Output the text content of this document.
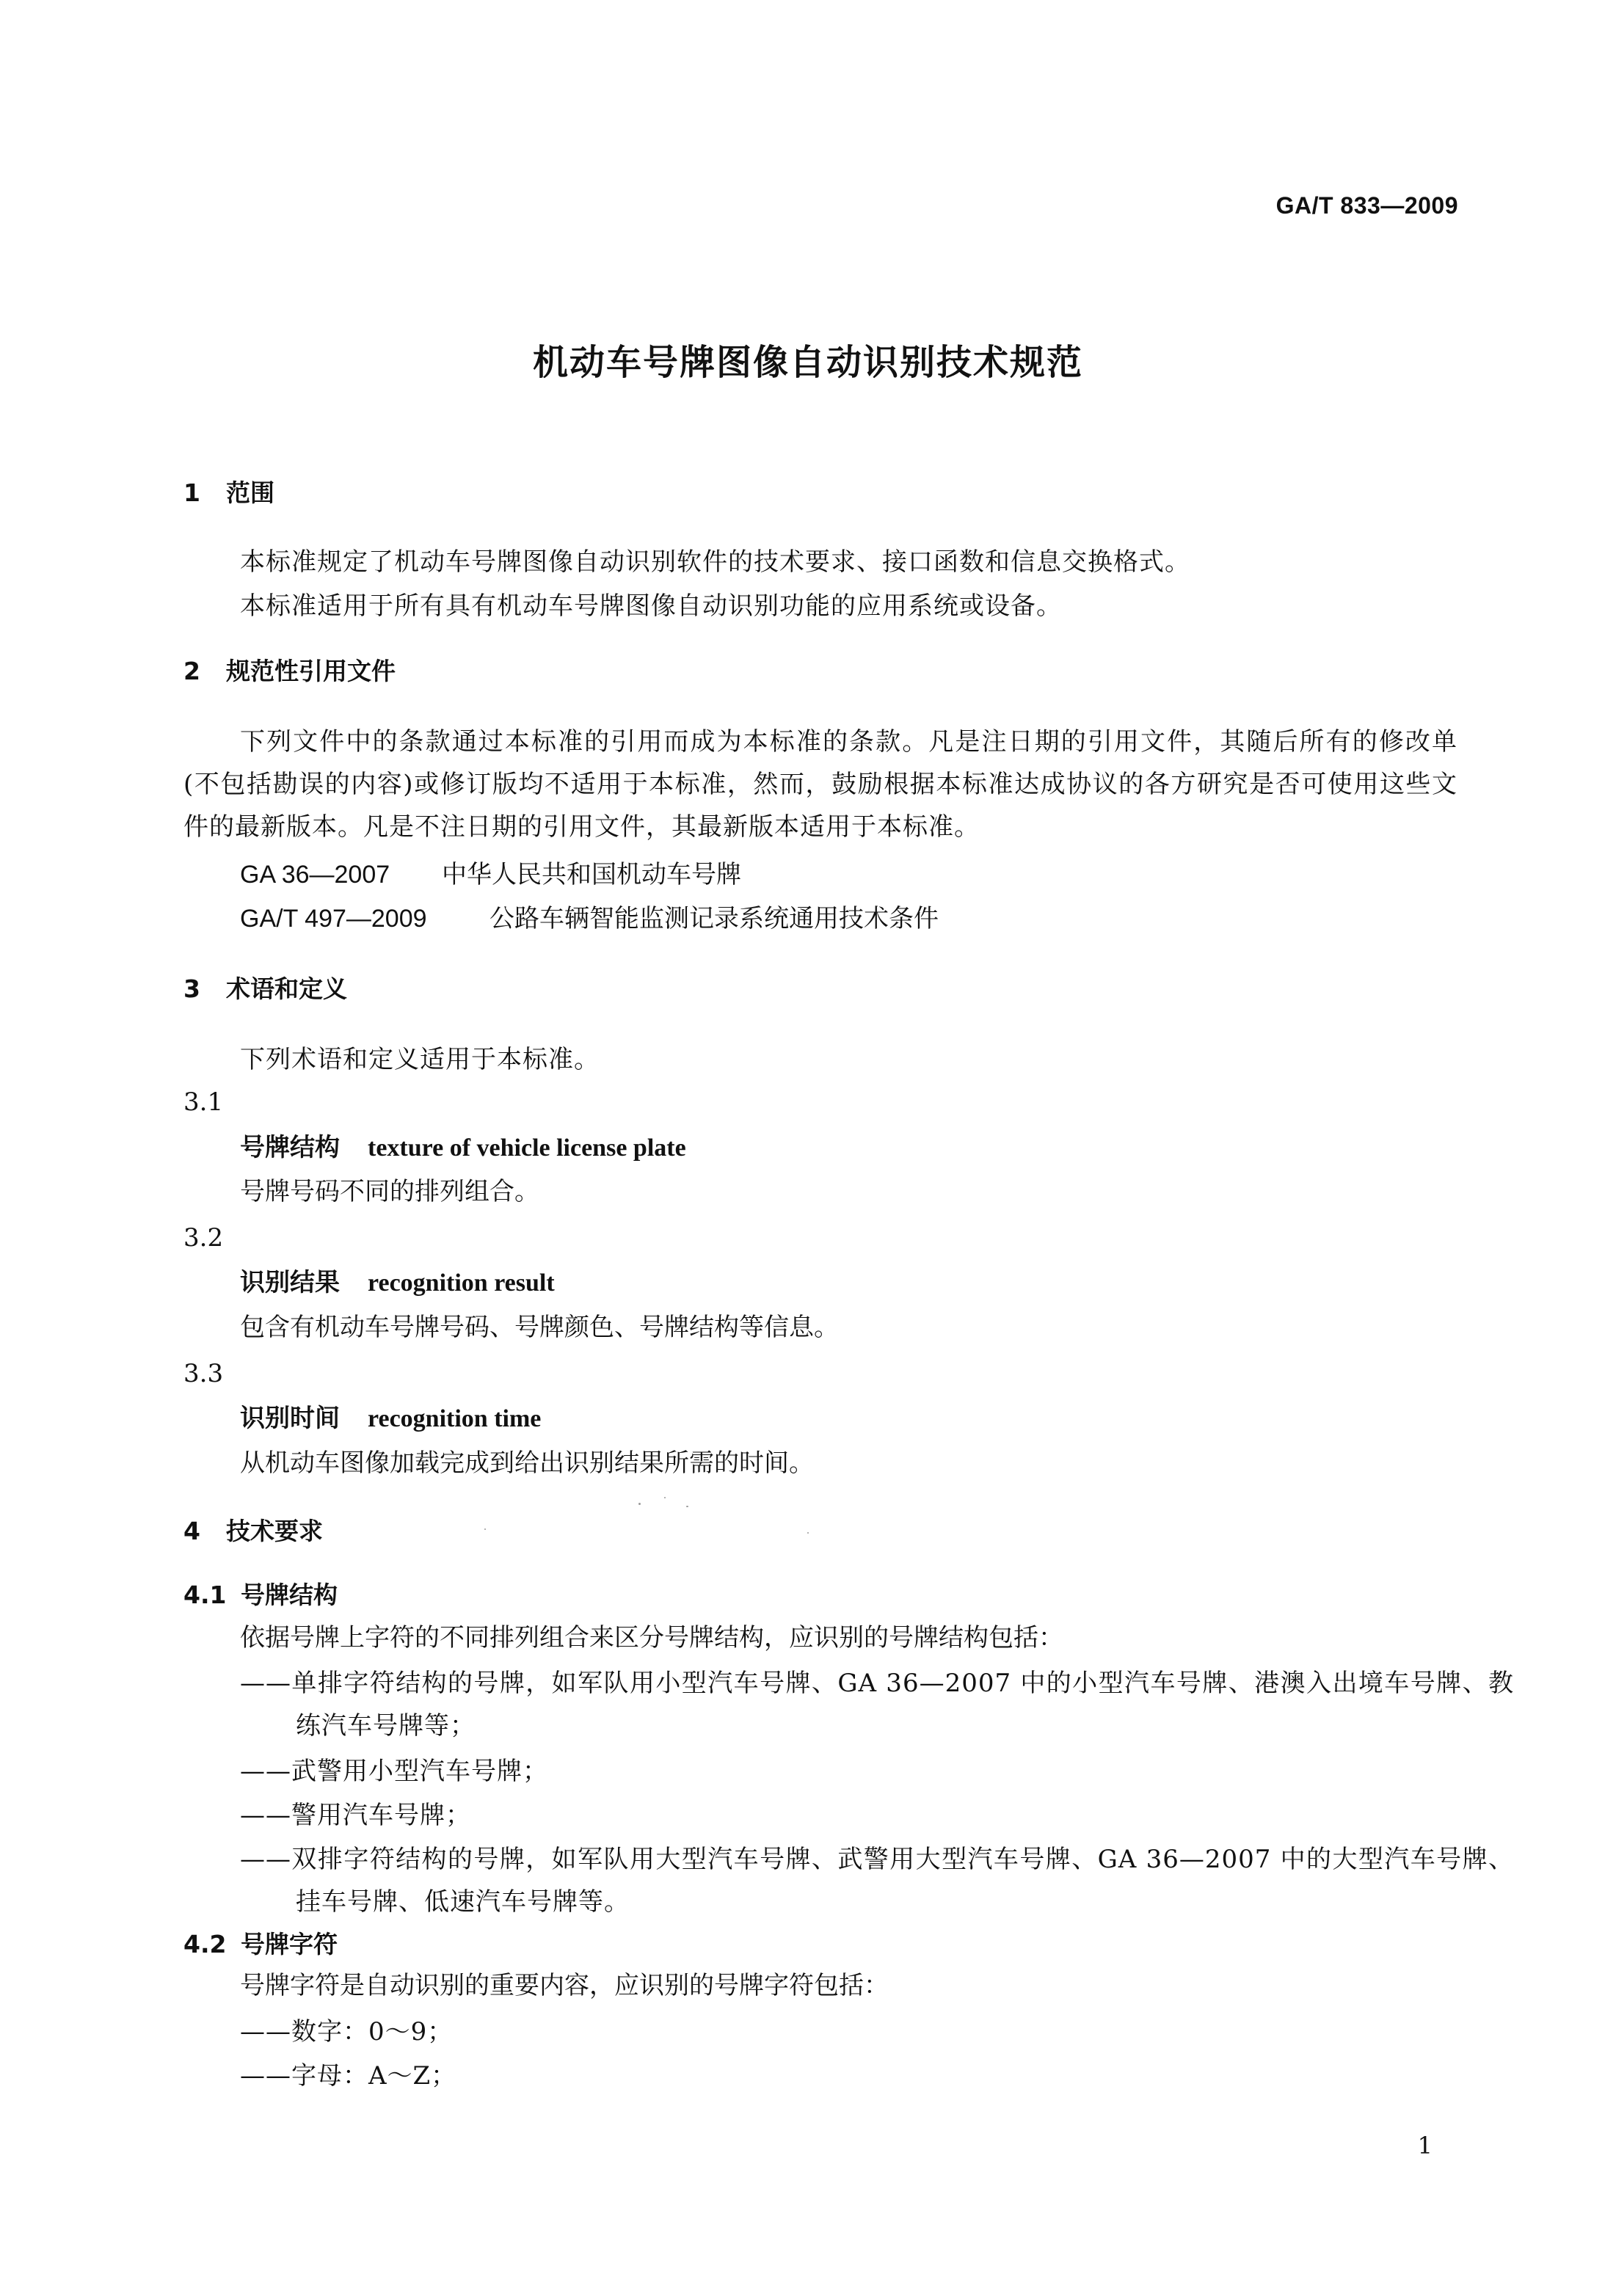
GA/T 833—2009
机动车号牌图像自动识别技术规范
1 范围
本标准规定了机动车号牌图像自动识别软件的技术要求、接口函数和信息交换格式。
本标准适用于所有具有机动车号牌图像自动识别功能的应用系统或设备。
2 规范性引用文件
下列文件中的条款通过本标准的引用而成为本标准的条款。凡是注日期的引用文件，其随后所有的修改单(不包括勘误的内容)或修订版均不适用于本标准，然而，鼓励根据本标准达成协议的各方研究是否可使用这些文件的最新版本。凡是不注日期的引用文件，其最新版本适用于本标准。
GA 36—2007 中华人民共和国机动车号牌
GA/T 497—2009	公路车辆智能监测记录系统通用技术条件
3 术语和定义
下列术语和定义适用于本标准。
3.1
号牌结构 texture of vehicle license plate
号牌号码不同的排列组合。
3.2
识别结果 recognition result
包含有机动车号牌号码、号牌颜色、号牌结构等信息。
3.3
识别时间 recognition time
从机动车图像加载完成到给出识别结果所需的时间。
4 技术要求
4.1 号牌结构
依据号牌上字符的不同排列组合来区分号牌结构，应识别的号牌结构包括：
——单排字符结构的号牌，如军队用小型汽车号牌、GA 36—2007 中的小型汽车号牌、港澳入出境车号牌、教练汽车号牌等；
——武警用小型汽车号牌；
——警用汽车号牌；
——双排字符结构的号牌，如军队用大型汽车号牌、武警用大型汽车号牌、GA 36—2007 中的大型汽车号牌、挂车号牌、低速汽车号牌等。
4.2 号牌字符
号牌字符是自动识别的重要内容，应识别的号牌字符包括：
——数字：0～9；
——字母：A～Z；
1
